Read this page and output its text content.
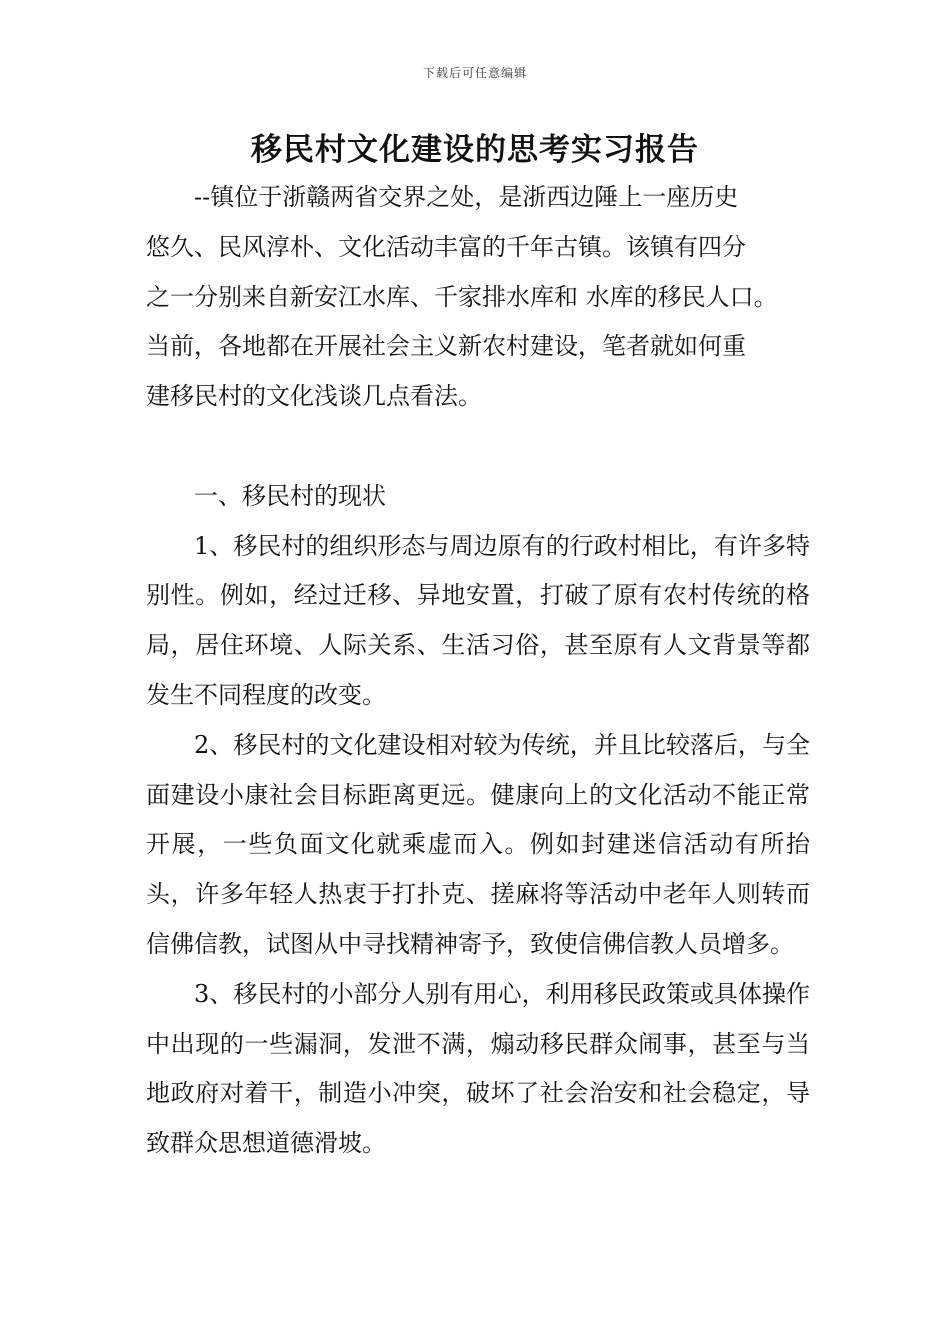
下载后可任意编辑
移民村文化建设的思考实习报告
--镇位于浙赣两省交界之处，是浙西边陲上一座历史
悠久、民风淳朴、文化活动丰富的千年古镇。该镇有四分
之一分别来自新安江水库、千家排水库和 水库的移民人口。
当前，各地都在开展社会主义新农村建设，笔者就如何重
建移民村的文化浅谈几点看法。

一、移民村的现状

1、移民村的组织形态与周边原有的行政村相比，有许多特别性。例如，经过迁移、异地安置，打破了原有农村传统的格局，居住环境、人际关系、生活习俗，甚至原有人文背景等都发生不同程度的改变。

2、移民村的文化建设相对较为传统，并且比较落后，与全面建设小康社会目标距离更远。健康向上的文化活动不能正常开展，一些负面文化就乘虚而入。例如封建迷信活动有所抬头，许多年轻人热衷于打扑克、搓麻将等活动中老年人则转而信佛信教，试图从中寻找精神寄予，致使信佛信教人员增多。

3、移民村的小部分人别有用心，利用移民政策或具体操作中出现的一些漏洞，发泄不满，煽动移民群众闹事，甚至与当地政府对着干，制造小冲突，破坏了社会治安和社会稳定，导致群众思想道德滑坡。
